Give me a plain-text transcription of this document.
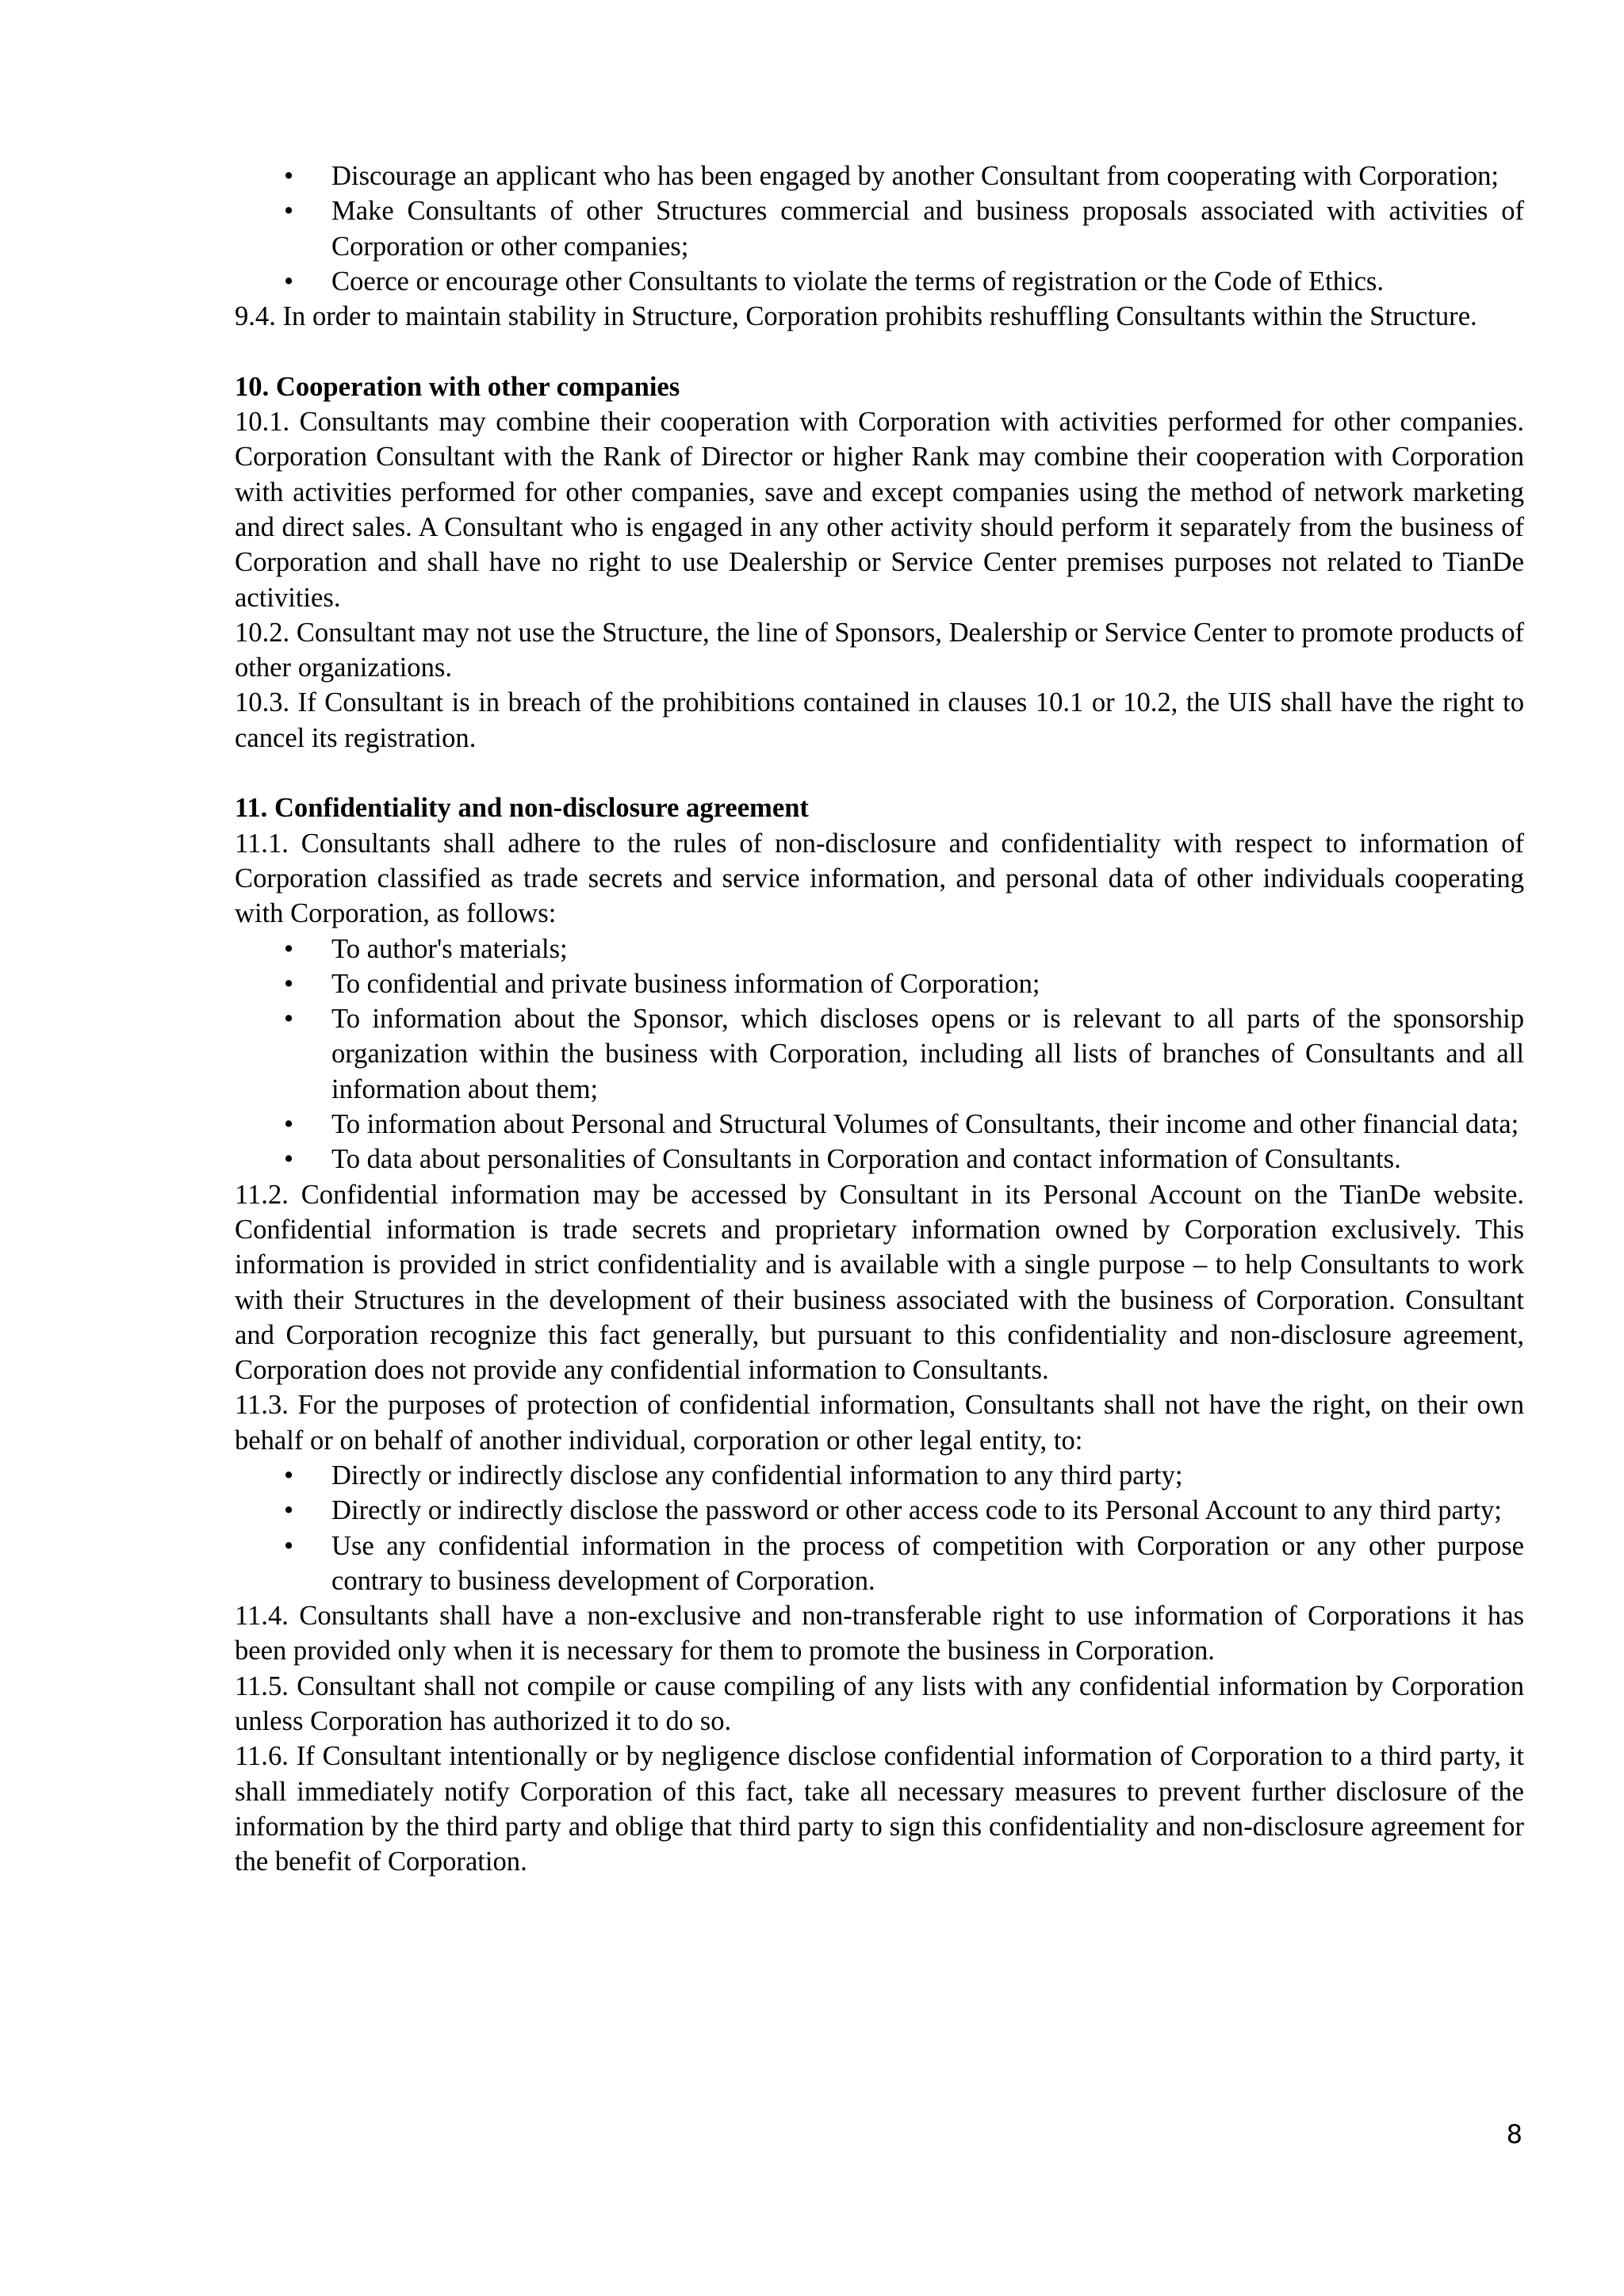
• Discourage an applicant who has been engaged by another Consultant from cooperating with Corporation;
• Make Consultants of other Structures commercial and business proposals associated with activities of Corporation or other companies;
• Coerce or encourage other Consultants to violate the terms of registration or the Code of Ethics.

9.4. In order to maintain stability in Structure, Corporation prohibits reshuffling Consultants within the Structure.

10. Cooperation with other companies

10.1. Consultants may combine their cooperation with Corporation with activities performed for other companies. Corporation Consultant with the Rank of Director or higher Rank may combine their cooperation with Corporation with activities performed for other companies, save and except companies using the method of network marketing and direct sales. A Consultant who is engaged in any other activity should perform it separately from the business of Corporation and shall have no right to use Dealership or Service Center premises purposes not related to TianDe activities.

10.2. Consultant may not use the Structure, the line of Sponsors, Dealership or Service Center to promote products of other organizations.

10.3. If Consultant is in breach of the prohibitions contained in clauses 10.1 or 10.2, the UIS shall have the right to cancel its registration.

11. Confidentiality and non-disclosure agreement

11.1. Consultants shall adhere to the rules of non-disclosure and confidentiality with respect to information of Corporation classified as trade secrets and service information, and personal data of other individuals cooperating with Corporation, as follows:

• To author's materials;
• To confidential and private business information of Corporation;
• To information about the Sponsor, which discloses opens or is relevant to all parts of the sponsorship organization within the business with Corporation, including all lists of branches of Consultants and all information about them;
• To information about Personal and Structural Volumes of Consultants, their income and other financial data;
• To data about personalities of Consultants in Corporation and contact information of Consultants.

11.2. Confidential information may be accessed by Consultant in its Personal Account on the TianDe website. Confidential information is trade secrets and proprietary information owned by Corporation exclusively. This information is provided in strict confidentiality and is available with a single purpose – to help Consultants to work with their Structures in the development of their business associated with the business of Corporation. Consultant and Corporation recognize this fact generally, but pursuant to this confidentiality and non-disclosure agreement, Corporation does not provide any confidential information to Consultants.

11.3. For the purposes of protection of confidential information, Consultants shall not have the right, on their own behalf or on behalf of another individual, corporation or other legal entity, to:

• Directly or indirectly disclose any confidential information to any third party;
• Directly or indirectly disclose the password or other access code to its Personal Account to any third party;
• Use any confidential information in the process of competition with Corporation or any other purpose contrary to business development of Corporation.

11.4. Consultants shall have a non-exclusive and non-transferable right to use information of Corporations it has been provided only when it is necessary for them to promote the business in Corporation.

11.5. Consultant shall not compile or cause compiling of any lists with any confidential information by Corporation unless Corporation has authorized it to do so.

11.6. If Consultant intentionally or by negligence disclose confidential information of Corporation to a third party, it shall immediately notify Corporation of this fact, take all necessary measures to prevent further disclosure of the information by the third party and oblige that third party to sign this confidentiality and non-disclosure agreement for the benefit of Corporation.

8
